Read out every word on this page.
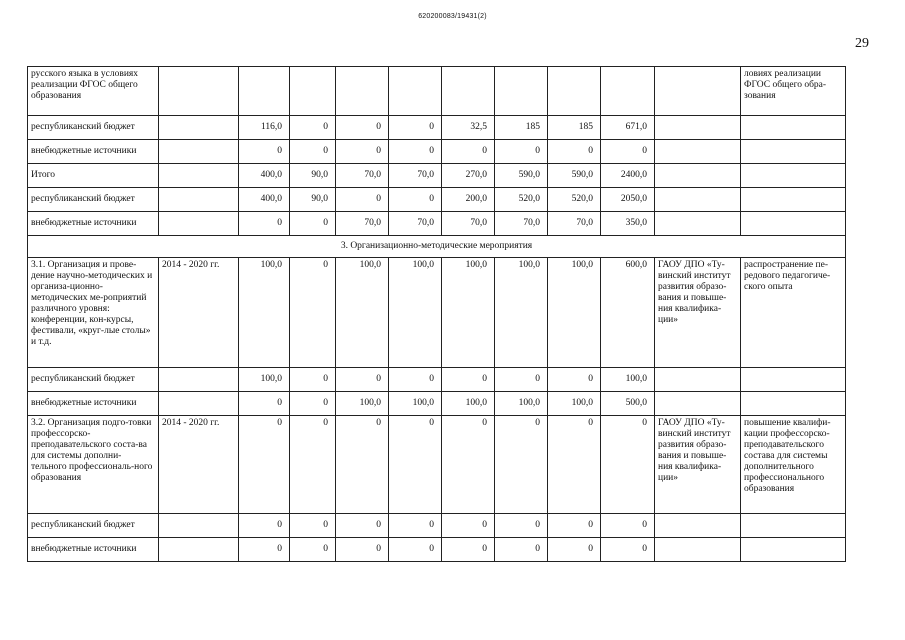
620200083/19431(2)
29
русского языка в условиях реализации ФГОС общего образования											ловиях реализации ФГОС общего обра-зования
республиканский бюджет		116,0	0	0	0	32,5	185	185	671,0		
внебюджетные источники		0	0	0	0	0	0	0	0		
Итого		400,0	90,0	70,0	70,0	270,0	590,0	590,0	2400,0		
республиканский бюджет		400,0	90,0	0	0	200,0	520,0	520,0	2050,0		
внебюджетные источники		0	0	70,0	70,0	70,0	70,0	70,0	350,0		
3. Организационно-методические мероприятия											
3.1. Организация и прове-дение научно-методических и организа-ционно-методических ме-роприятий различного уровня: конференции, кон-курсы, фестивали, «круг-лые столы» и т.д.	2014 - 2020 гг.	100,0	0	100,0	100,0	100,0	100,0	100,0	600,0	ГАОУ ДПО «Ту-винский институт развития образо-вания и повыше-ния квалифика-ции»	распространение пе-редового педагогиче-ского опыта
республиканский бюджет		100,0	0	0	0	0	0	0	100,0		
внебюджетные источники		0	0	100,0	100,0	100,0	100,0	100,0	500,0		
3.2. Организация подго-товки профессорско-преподавательского соста-ва для системы дополни-тельного профессиональ-ного образования	2014 - 2020 гг.	0	0	0	0	0	0	0	0	ГАОУ ДПО «Ту-винский институт развития образо-вания и повыше-ния квалифика-ции»	повышение квалифи-кации профессорско-преподавательского состава для системы дополнительного профессионального образования
республиканский бюджет		0	0	0	0	0	0	0	0		
внебюджетные источники		0	0	0	0	0	0	0	0		
